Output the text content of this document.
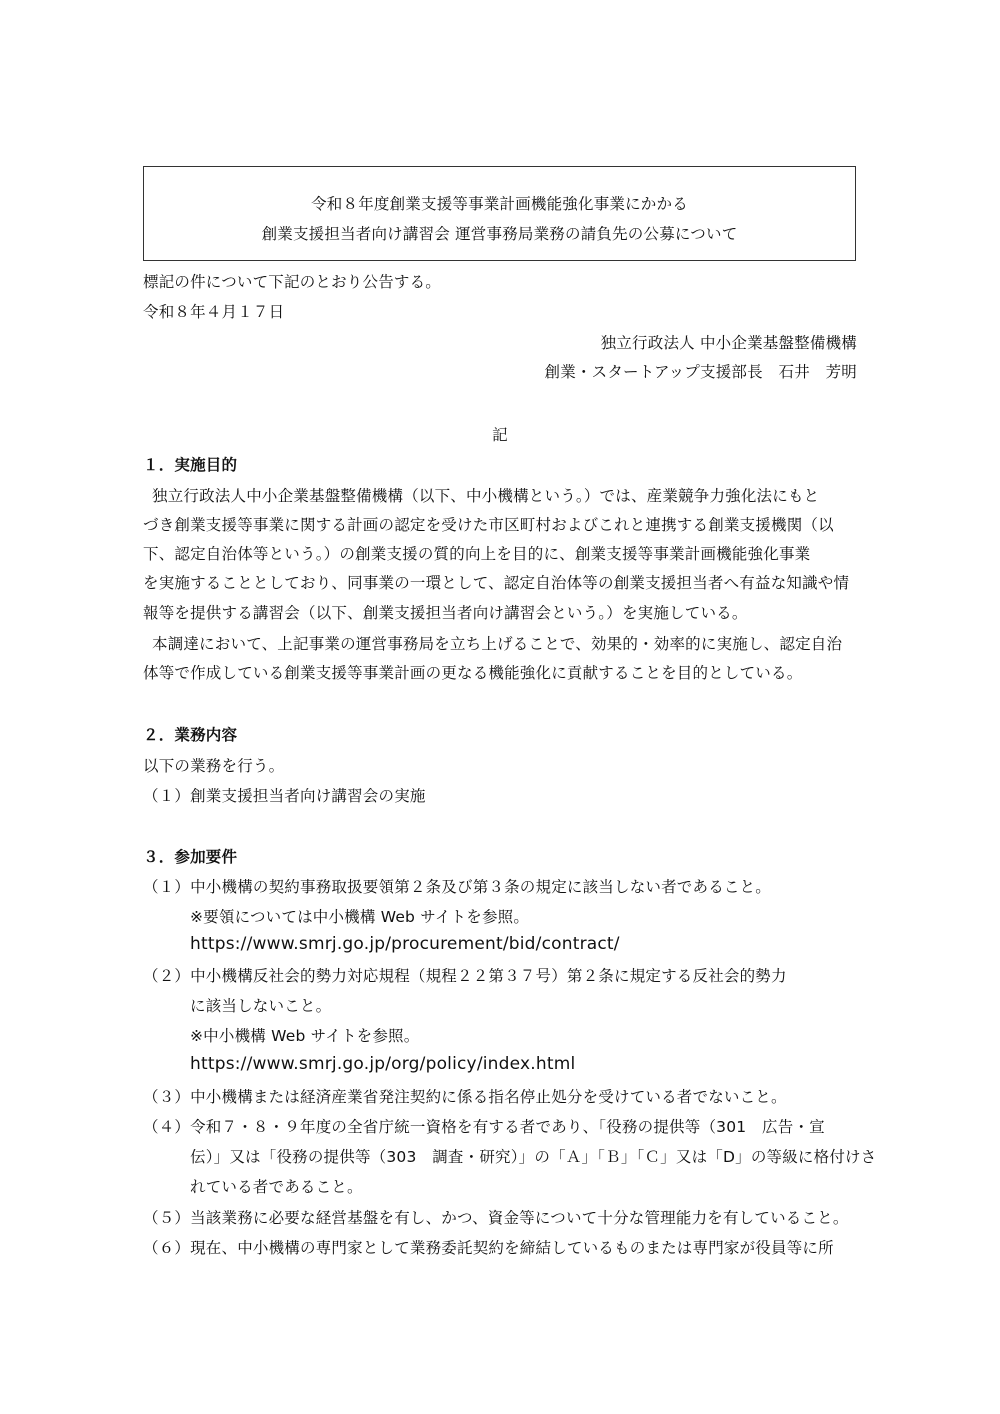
令和８年度創業支援等事業計画機能強化事業にかかる
創業支援担当者向け講習会 運営事務局業務の請負先の公募について
標記の件について下記のとおり公告する。
令和８年４月１７日
独立行政法人 中小企業基盤整備機構
創業・スタートアップ支援部長　石井　芳明
記
１．実施目的
独立行政法人中小企業基盤整備機構（以下、中小機構という。）では、産業競争力強化法にもと
づき創業支援等事業に関する計画の認定を受けた市区町村およびこれと連携する創業支援機関（以
下、認定自治体等という。）の創業支援の質的向上を目的に、創業支援等事業計画機能強化事業
を実施することとしており、同事業の一環として、認定自治体等の創業支援担当者へ有益な知識や情
報等を提供する講習会（以下、創業支援担当者向け講習会という。）を実施している。
本調達において、上記事業の運営事務局を立ち上げることで、効果的・効率的に実施し、認定自治
体等で作成している創業支援等事業計画の更なる機能強化に貢献することを目的としている。
２．業務内容
以下の業務を行う。
（１）創業支援担当者向け講習会の実施
３．参加要件
（１）中小機構の契約事務取扱要領第２条及び第３条の規定に該当しない者であること。
※要領については中小機構 Web サイトを参照。
https://www.smrj.go.jp/procurement/bid/contract/
（２）中小機構反社会的勢力対応規程（規程２２第３７号）第２条に規定する反社会的勢力
に該当しないこと。
※中小機構 Web サイトを参照。
https://www.smrj.go.jp/org/policy/index.html
（３）中小機構または経済産業省発注契約に係る指名停止処分を受けている者でないこと。
（４）令和７・８・９年度の全省庁統一資格を有する者であり、「役務の提供等（301　広告・宣
伝）」又は「役務の提供等（303　調査・研究）」の「Ａ」「Ｂ」「Ｃ」又は「D」の等級に格付けさ
れている者であること。
（５）当該業務に必要な経営基盤を有し、かつ、資金等について十分な管理能力を有していること。
（６）現在、中小機構の専門家として業務委託契約を締結しているものまたは専門家が役員等に所
